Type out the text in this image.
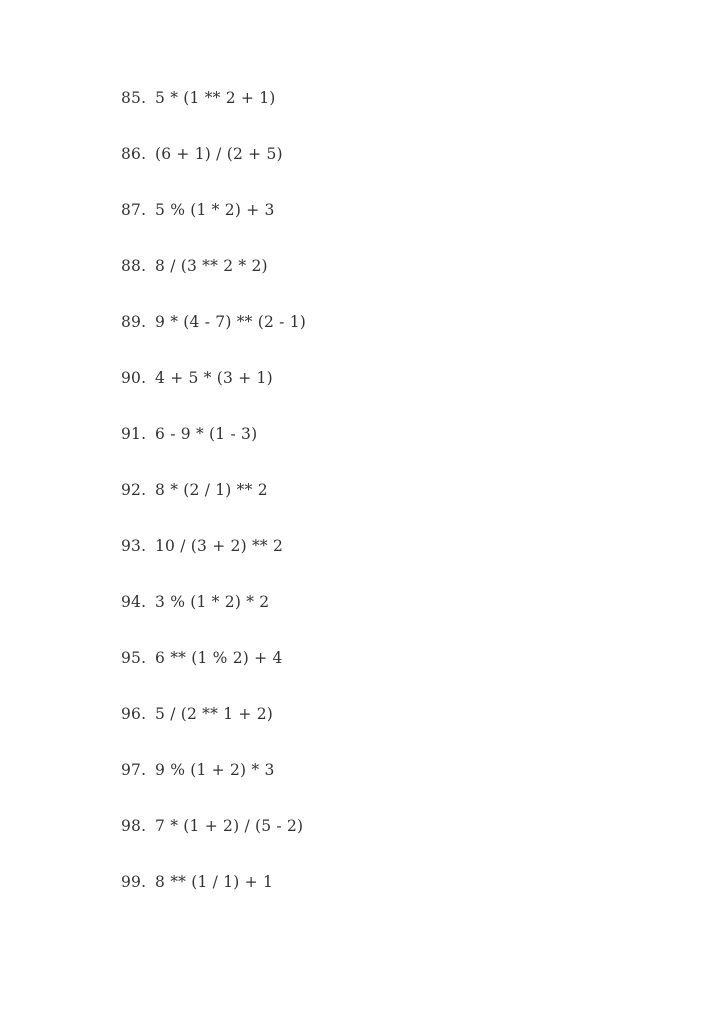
85. 5 * (1 ** 2 + 1)
86. (6 + 1) / (2 + 5)
87. 5 % (1 * 2) + 3
88. 8 / (3 ** 2 * 2)
89. 9 * (4 - 7) ** (2 - 1)
90. 4 + 5 * (3 + 1)
91. 6 - 9 * (1 - 3)
92. 8 * (2 / 1) ** 2
93. 10 / (3 + 2) ** 2
94. 3 % (1 * 2) * 2
95. 6 ** (1 % 2) + 4
96. 5 / (2 ** 1 + 2)
97. 9 % (1 + 2) * 3
98. 7 * (1 + 2) / (5 - 2)
99. 8 ** (1 / 1) + 1
